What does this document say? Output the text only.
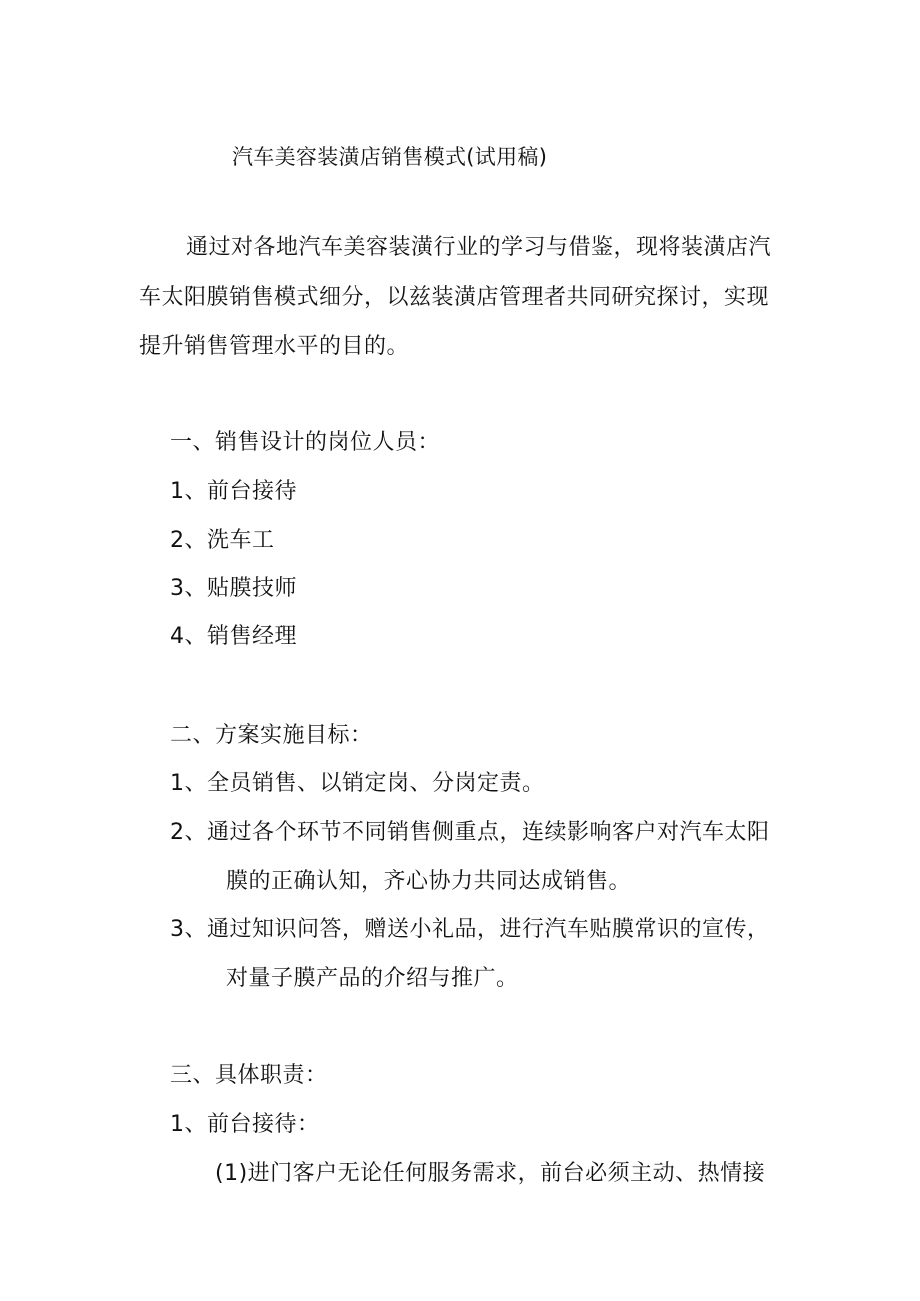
汽车美容装潢店销售模式(试用稿)
通过对各地汽车美容装潢行业的学习与借鉴，现将装潢店汽
车太阳膜销售模式细分，以兹装潢店管理者共同研究探讨，实现
提升销售管理水平的目的。
一、销售设计的岗位人员：
1、前台接待
2、洗车工
3、贴膜技师
4、销售经理
二、方案实施目标：
1、全员销售、以销定岗、分岗定责。
2、通过各个环节不同销售侧重点，连续影响客户对汽车太阳
膜的正确认知，齐心协力共同达成销售。
3、通过知识问答，赠送小礼品，进行汽车贴膜常识的宣传，
对量子膜产品的介绍与推广。
三、具体职责：
1、前台接待：
(1)进门客户无论任何服务需求，前台必须主动、热情接
